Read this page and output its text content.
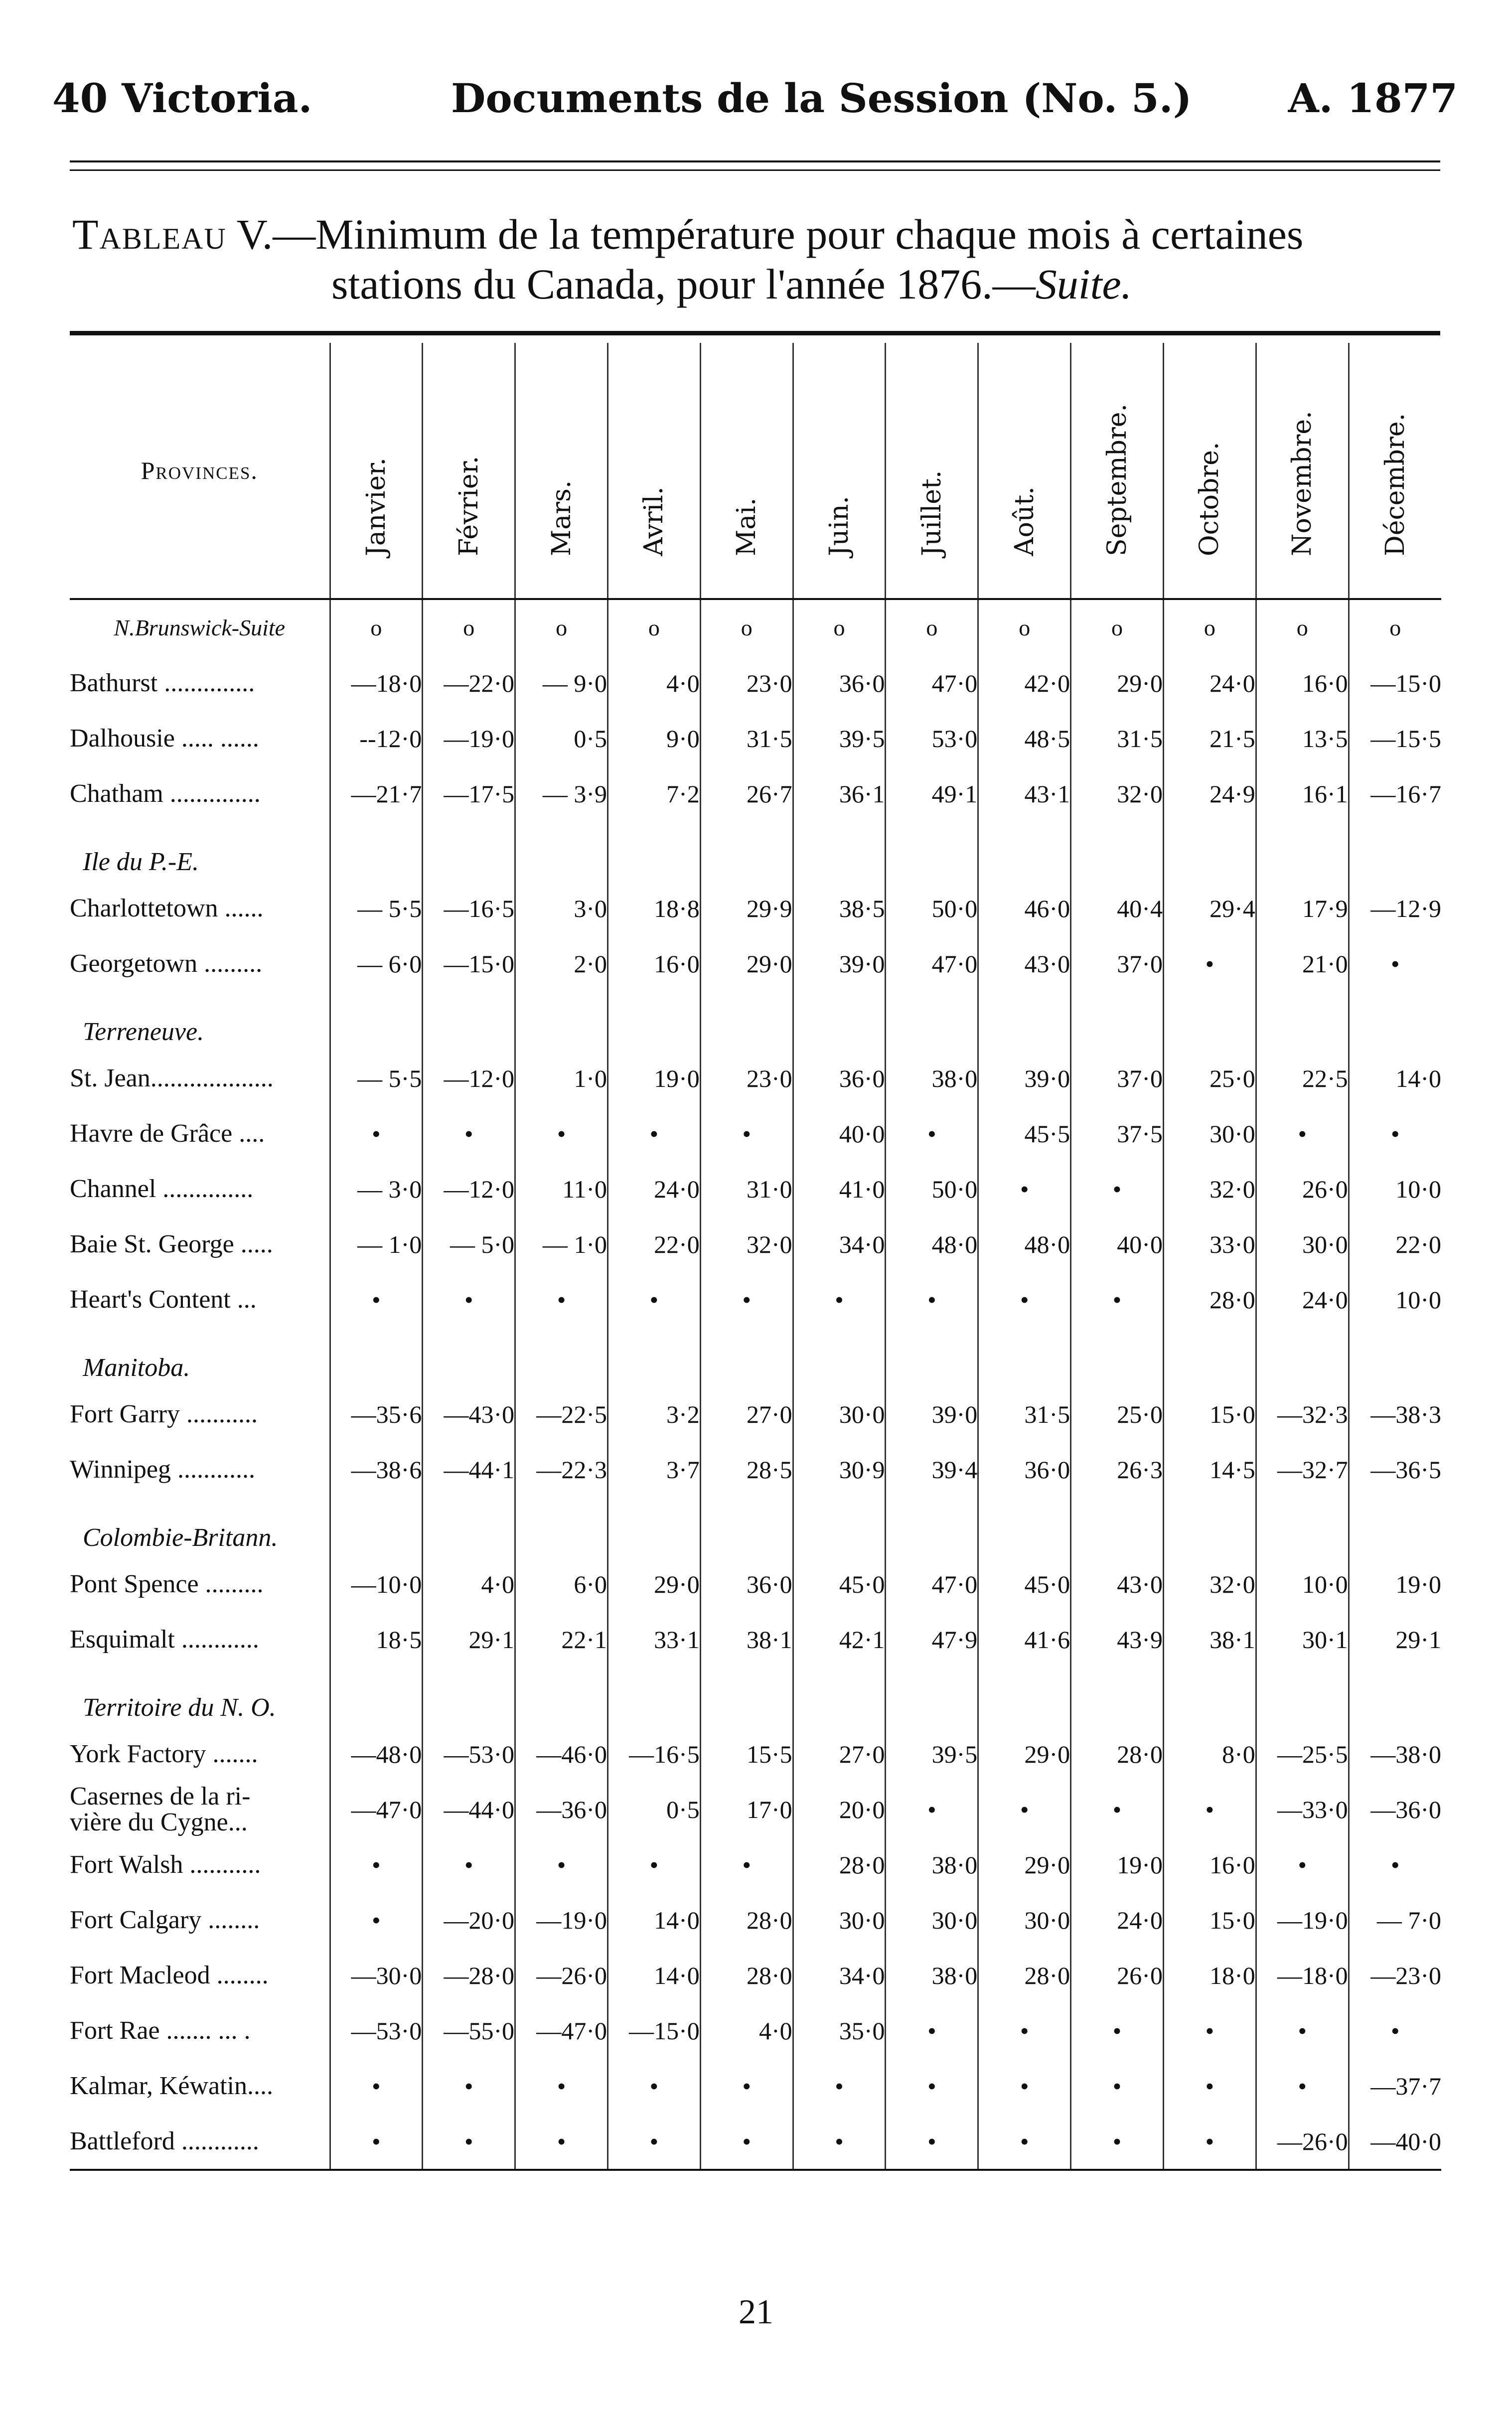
40 Victoria.	Documents de la Session (No. 5.) A. 1877
Tableau V.—Minimum de la température pour chaque mois à certaines
stations du Canada, pour l'année 1876.—Suite.
Provinces.	Janvier.	Février.	Mars.	Avril.	Mai.	Juin.	Juillet.	Août.	Septembre.	Octobre.	Novembre.	Décembre.

N.Brunswick-Suite	o	o	o	o	o	o	o	o	o	o	o	o
Bathurst ..............	—18·0	—22·0	— 9·0	4·0	23·0	36·0	47·0	42·0	29·0	24·0	16·0	—15·0
Dalhousie ..... ......	--12·0	—19·0	0·5	9·0	31·5	39·5	53·0	48·5	31·5	21·5	13·5	—15·5
Chatham ..............	—21·7	—17·5	— 3·9	7·2	26·7	36·1	49·1	43·1	32·0	24·9	16·1	—16·7
Ile du P.-E.												
Charlottetown ......	— 5·5	—16·5	3·0	18·8	29·9	38·5	50·0	46·0	40·4	29·4	17·9	—12·9
Georgetown .........	— 6·0	—15·0	2·0	16·0	29·0	39·0	47·0	43·0	37·0	•	21·0	•
Terreneuve.												
St. Jean...................	— 5·5	—12·0	1·0	19·0	23·0	36·0	38·0	39·0	37·0	25·0	22·5	14·0
Havre de Grâce ....	•	•	•	•	•	40·0	•	45·5	37·5	30·0	•	•
Channel ..............	— 3·0	—12·0	11·0	24·0	31·0	41·0	50·0	•	•	32·0	26·0	10·0
Baie St. George .....	— 1·0	— 5·0	— 1·0	22·0	32·0	34·0	48·0	48·0	40·0	33·0	30·0	22·0
Heart's Content ...	•	•	•	•	•	•	•	•	•	28·0	24·0	10·0
Manitoba.												
Fort Garry ...........	—35·6	—43·0	—22·5	3·2	27·0	30·0	39·0	31·5	25·0	15·0	—32·3	—38·3
Winnipeg ............	—38·6	—44·1	—22·3	3·7	28·5	30·9	39·4	36·0	26·3	14·5	—32·7	—36·5
Colombie-Britann.												
Pont Spence .........	—10·0	4·0	6·0	29·0	36·0	45·0	47·0	45·0	43·0	32·0	10·0	19·0
Esquimalt ............	18·5	29·1	22·1	33·1	38·1	42·1	47·9	41·6	43·9	38·1	30·1	29·1
Territoire du N. O.												
York Factory .......	—48·0	—53·0	—46·0	—16·5	15·5	27·0	39·5	29·0	28·0	8·0	—25·5	—38·0

Casernes de la ri-
vière du Cygne...	—47·0	—44·0	—36·0	0·5	17·0	20·0	•	•	•	•	—33·0	—36·0
Fort Walsh ...........	•	•	•	•	•	28·0	38·0	29·0	19·0	16·0	•	•
Fort Calgary ........	•	—20·0	—19·0	14·0	28·0	30·0	30·0	30·0	24·0	15·0	—19·0	— 7·0
Fort Macleod ........	—30·0	—28·0	—26·0	14·0	28·0	34·0	38·0	28·0	26·0	18·0	—18·0	—23·0
Fort Rae ....... ... .	—53·0	—55·0	—47·0	—15·0	4·0	35·0	•	•	•	•	•	•
Kalmar, Kéwatin....	•	•	•	•	•	•	•	•	•	•	•	—37·7
Battleford ............	•	•	•	•	•	•	•	•	•	•	—26·0	—40·0
21
